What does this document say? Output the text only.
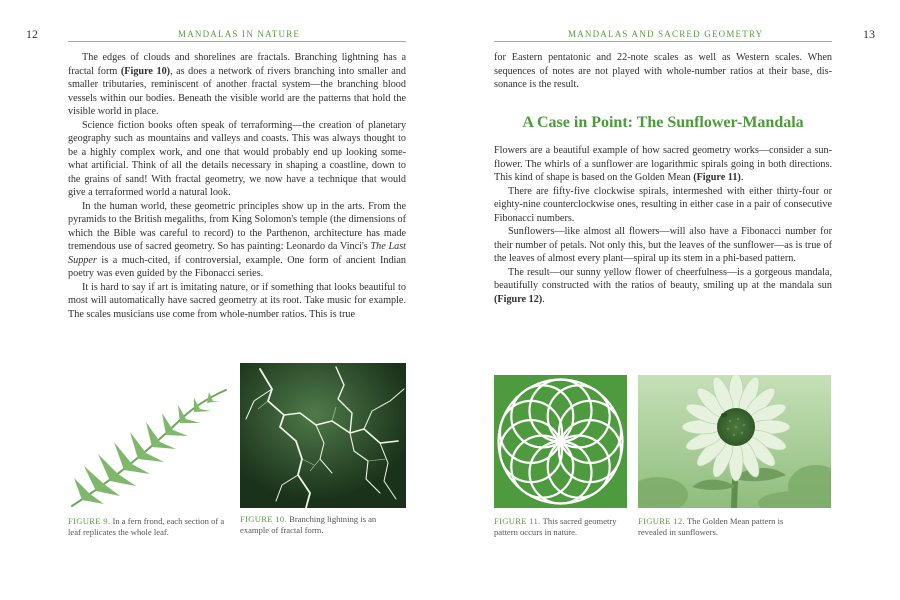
12	MANDALAS IN NATURE	MANDALAS AND SACRED GEOMETRY	13

The edges of clouds and shorelines are fractals. Branching lightning has a fractal form (Figure 10), as does a network of rivers branching into smaller and smaller tributaries, reminiscent of another fractal system—the branching blood vessels within our bodies. Beneath the visible world are the patterns that hold the visible world in place.

Science fiction books often speak of terraforming—the creation of planetary geography such as mountains and valleys and coasts. This was always thought to be a highly complex work, and one that would probably end up looking some-what artificial. Think of all the details necessary in shaping a coastline, down to the grains of sand! With fractal geometry, we now have a technique that would give a terraformed world a natural look.

In the human world, these geometric principles show up in the arts. From the pyramids to the British megaliths, from King Solomon's temple (the dimensions of which the Bible was careful to record) to the Parthenon, architecture has made tremendous use of sacred geometry. So has painting: Leonardo da Vinci's The Last Supper is a much-cited, if controversial, example. One form of ancient Indian poetry was even guided by the Fibonacci series.

It is hard to say if art is imitating nature, or if something that looks beautiful to most will automatically have sacred geometry at its root. Take music for example. The scales musicians use come from whole-number ratios. This is true

for Eastern pentatonic and 22-note scales as well as Western scales. When sequences of notes are not played with whole-number ratios at their base, dis-sonance is the result.

A Case in Point: The Sunflower-Mandala

Flowers are a beautiful example of how sacred geometry works—consider a sun-flower. The whirls of a sunflower are logarithmic spirals going in both directions. This kind of shape is based on the Golden Mean (Figure 11).

There are fifty-five clockwise spirals, intermeshed with either thirty-four or eighty-nine counterclockwise ones, resulting in either case in a pair of consecutive Fibonacci numbers.

Sunflowers—like almost all flowers—will also have a Fibonacci number for their number of petals. Not only this, but the leaves of the sunflower—as is true of the leaves of almost every plant—spiral up its stem in a phi-based pattern.

The result—our sunny yellow flower of cheerfulness—is a gorgeous mandala, beautifully constructed with the ratios of beauty, smiling up at the mandala sun (Figure 12).

FIGURE 9. In a fern frond, each section of a leaf replicates the whole leaf.
FIGURE 10. Branching lightning is an example of fractal form.
FIGURE 11. This sacred geometry pattern occurs in nature.
FIGURE 12. The Golden Mean pattern is revealed in sunflowers.
